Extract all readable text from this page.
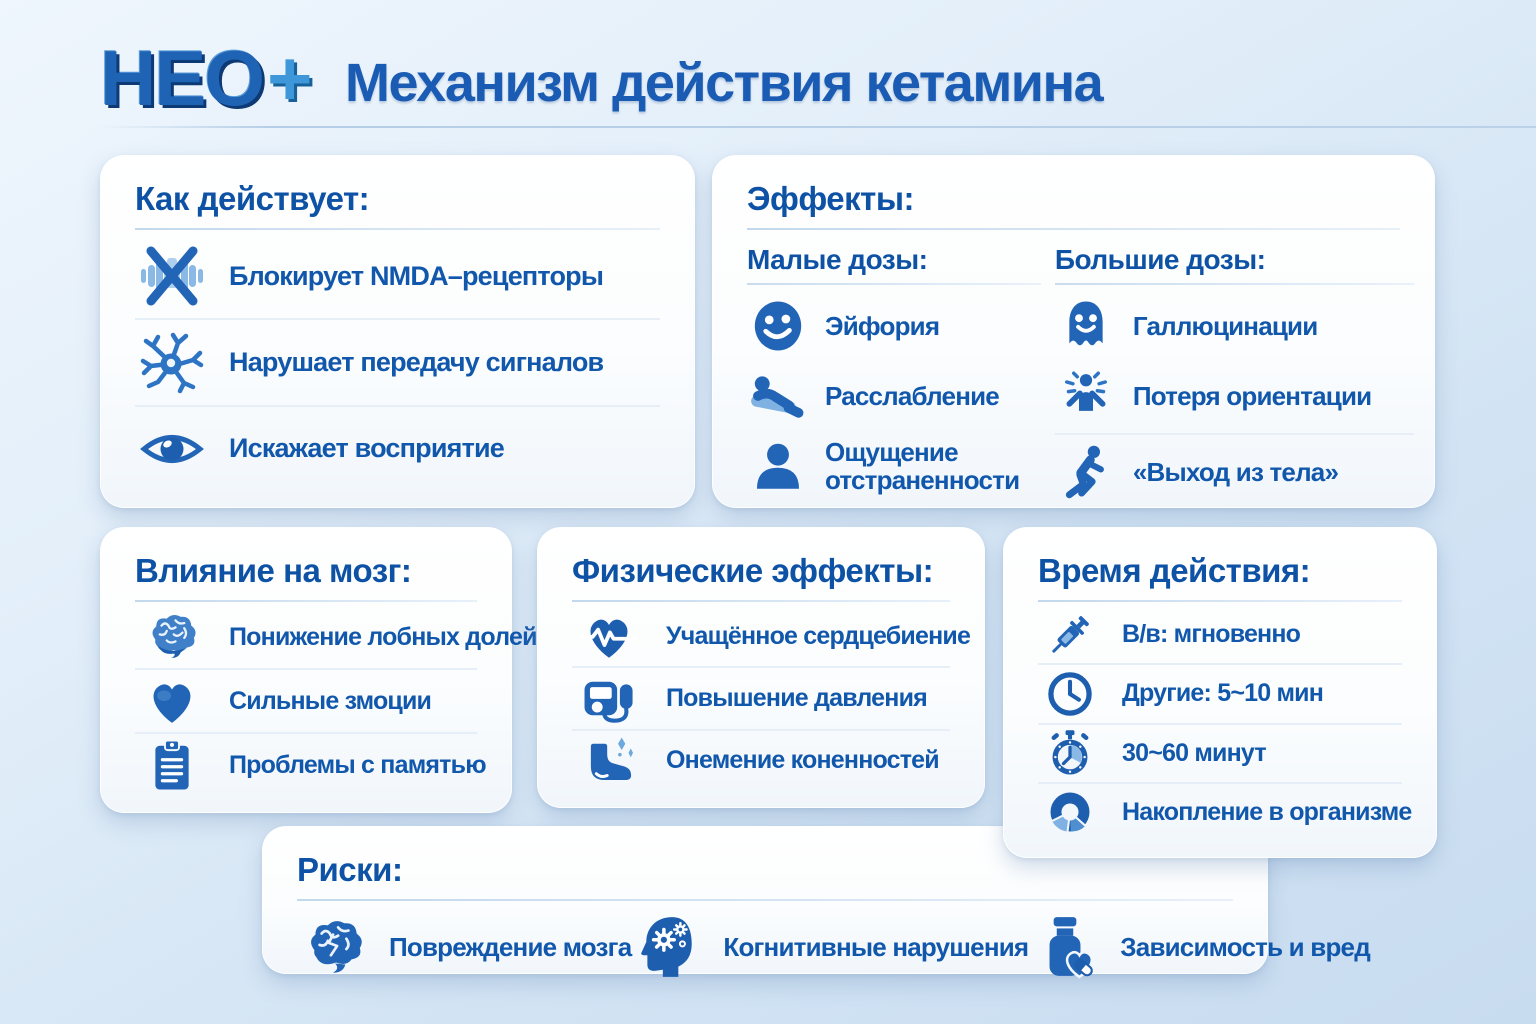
НЕО + Механизм действия кетамина
Как действует:
Блокирует NMDA–рецепторы
Нарушает передачу сигналов
Искажает восприятие
Эффекты:
Малые дозы:
Эйфория
Расслабление
Ощущение отстраненности
Большие дозы:
Галлюцинации
Потеря ориентации
«Выход из тела»
Влияние на мозг:
Понижение лобных долей
Сильные змоции
Проблемы с памятью
Физические эффекты:
Учащённое сердцебиение
Повышение давления
Онемение коненностей
Время действия:
В/в: мгновенно
Другие: 5~10 мин
30~60 минут
Накопление в организме
Риски:
Повреждение мозга	Когнитивные нарушения	Зависимость и вред
